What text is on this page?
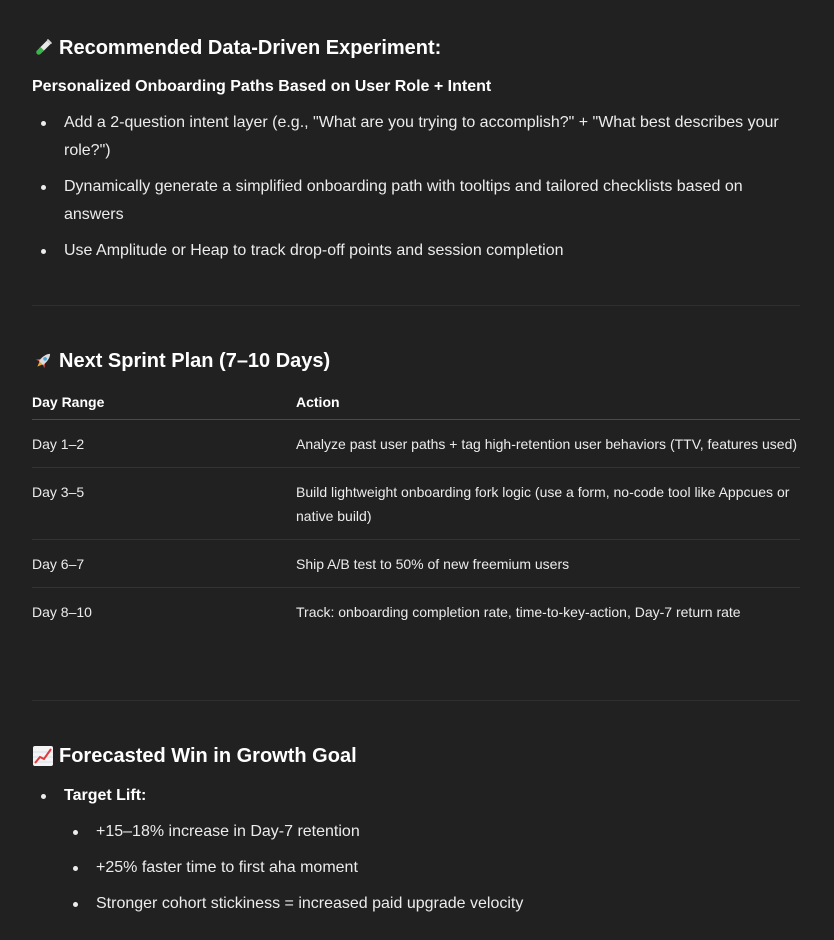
Recommended Data-Driven Experiment:
Personalized Onboarding Paths Based on User Role + Intent
Add a 2-question intent layer (e.g., "What are you trying to accomplish?" + "What best describes your role?")
Dynamically generate a simplified onboarding path with tooltips and tailored checklists based on answers
Use Amplitude or Heap to track drop-off points and session completion
Next Sprint Plan (7–10 Days)
Day Range	Action
Day 1–2	Analyze past user paths + tag high-retention user behaviors (TTV, features used)
Day 3–5	Build lightweight onboarding fork logic (use a form, no-code tool like Appcues or native build)
Day 6–7	Ship A/B test to 50% of new freemium users
Day 8–10	Track: onboarding completion rate, time-to-key-action, Day-7 return rate
Forecasted Win in Growth Goal
Target Lift:
+15–18% increase in Day-7 retention
+25% faster time to first aha moment
Stronger cohort stickiness = increased paid upgrade velocity
